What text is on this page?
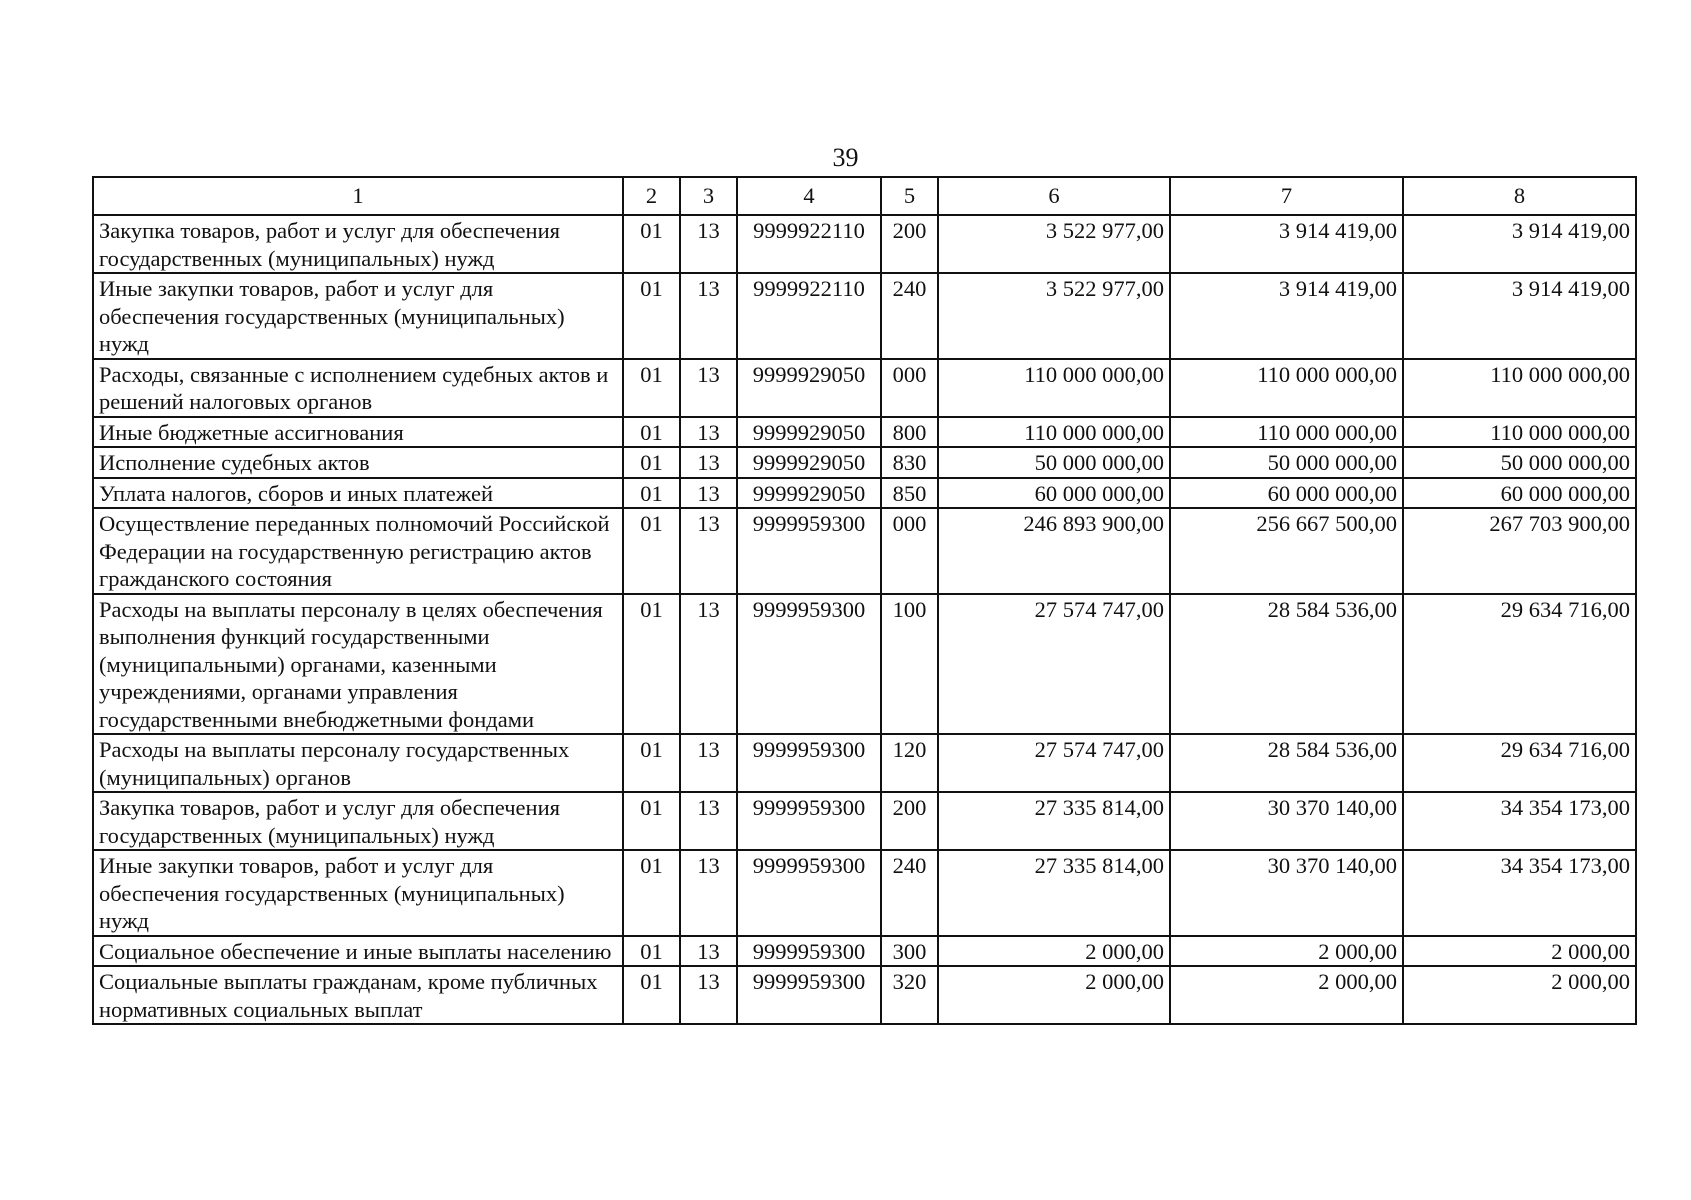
39
1	2	3	4	5	6	7	8
Закупка товаров, работ и услуг для обеспечения государственных (муниципальных) нужд	01	13	9999922110	200	3 522 977,00	3 914 419,00	3 914 419,00
Иные закупки товаров, работ и услуг для обеспечения государственных (муниципальных) нужд	01	13	9999922110	240	3 522 977,00	3 914 419,00	3 914 419,00
Расходы, связанные с исполнением судебных актов и решений налоговых органов	01	13	9999929050	000	110 000 000,00	110 000 000,00	110 000 000,00
Иные бюджетные ассигнования	01	13	9999929050	800	110 000 000,00	110 000 000,00	110 000 000,00
Исполнение судебных актов	01	13	9999929050	830	50 000 000,00	50 000 000,00	50 000 000,00
Уплата налогов, сборов и иных платежей	01	13	9999929050	850	60 000 000,00	60 000 000,00	60 000 000,00
Осуществление переданных полномочий Российской Федерации на государственную регистрацию актов гражданского состояния	01	13	9999959300	000	246 893 900,00	256 667 500,00	267 703 900,00
Расходы на выплаты персоналу в целях обеспечения выполнения функций государственными (муниципальными) органами, казенными учреждениями, органами управления государственными внебюджетными фондами	01	13	9999959300	100	27 574 747,00	28 584 536,00	29 634 716,00
Расходы на выплаты персоналу государственных (муниципальных) органов	01	13	9999959300	120	27 574 747,00	28 584 536,00	29 634 716,00
Закупка товаров, работ и услуг для обеспечения государственных (муниципальных) нужд	01	13	9999959300	200	27 335 814,00	30 370 140,00	34 354 173,00
Иные закупки товаров, работ и услуг для обеспечения государственных (муниципальных) нужд	01	13	9999959300	240	27 335 814,00	30 370 140,00	34 354 173,00
Социальное обеспечение и иные выплаты населению	01	13	9999959300	300	2 000,00	2 000,00	2 000,00
Социальные выплаты гражданам, кроме публичных нормативных социальных выплат	01	13	9999959300	320	2 000,00	2 000,00	2 000,00
